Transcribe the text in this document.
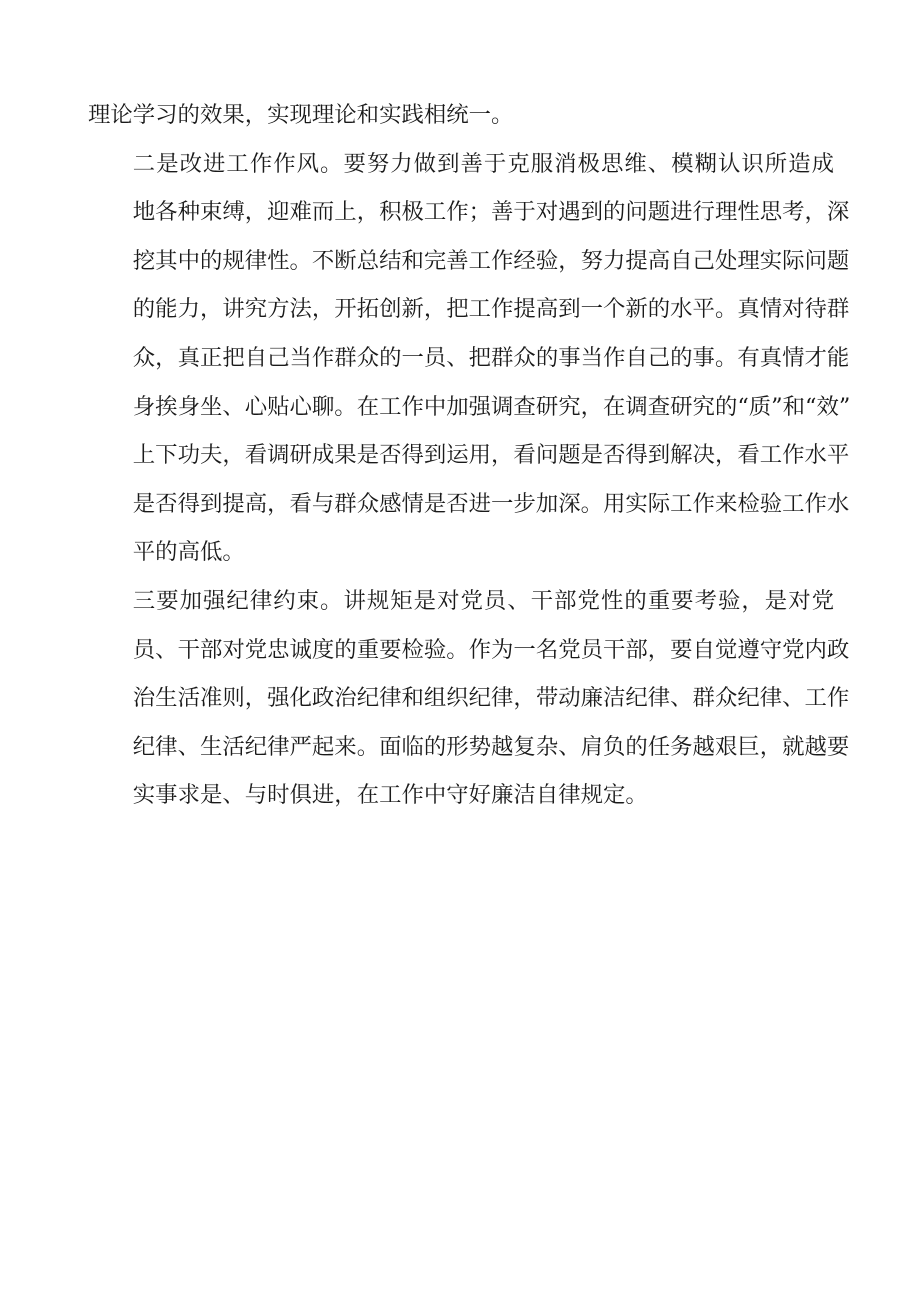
理论学习的效果，实现理论和实践相统一。

二是改进工作作风。要努力做到善于克服消极思维、模糊认识所造成
地各种束缚，迎难而上，积极工作；善于对遇到的问题进行理性思考，深
挖其中的规律性。不断总结和完善工作经验，努力提高自己处理实际问题
的能力，讲究方法，开拓创新，把工作提高到一个新的水平。真情对待群
众，真正把自己当作群众的一员、把群众的事当作自己的事。有真情才能
身挨身坐、心贴心聊。在工作中加强调查研究，在调查研究的“质”和“效”
上下功夫，看调研成果是否得到运用，看问题是否得到解决，看工作水平
是否得到提高，看与群众感情是否进一步加深。用实际工作来检验工作水
平的高低。

三要加强纪律约束。讲规矩是对党员、干部党性的重要考验，是对党
员、干部对党忠诚度的重要检验。作为一名党员干部，要自觉遵守党内政
治生活准则，强化政治纪律和组织纪律，带动廉洁纪律、群众纪律、工作
纪律、生活纪律严起来。面临的形势越复杂、肩负的任务越艰巨，就越要
实事求是、与时俱进，在工作中守好廉洁自律规定。
